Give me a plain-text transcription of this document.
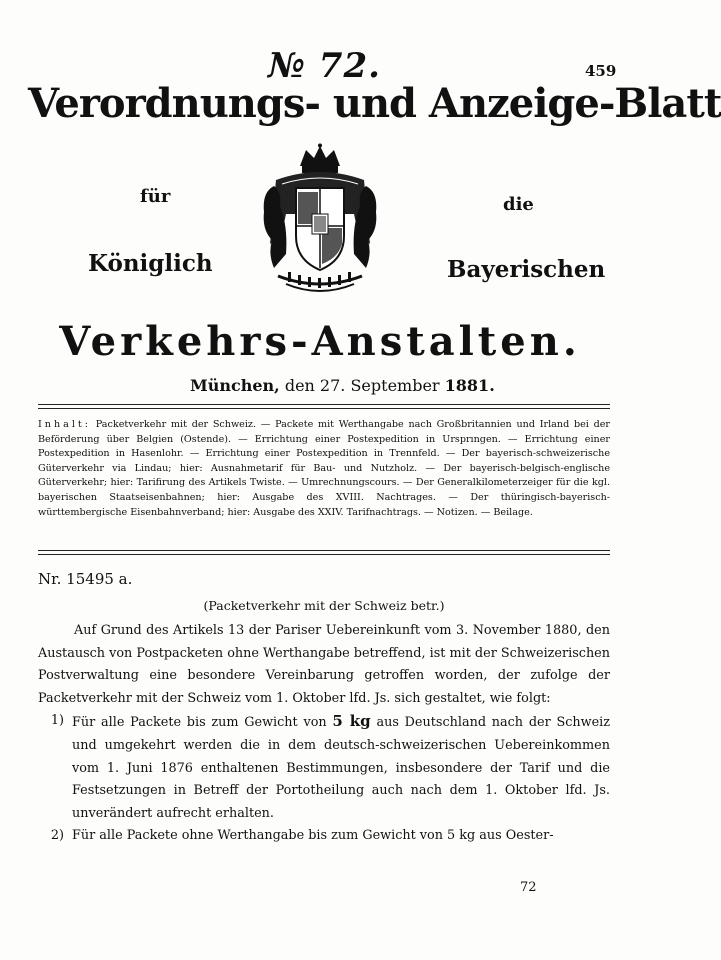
№ 72.	459
Verordnungs- und Anzeige-Blatt
für	die
Königlich	Bayerischen
Verkehrs-Anstalten.
München, den 27. September 1881.
Inhalt: Packetverkehr mit der Schweiz. — Packete mit Werthangabe nach Großbritannien und Irland bei der Beförderung über Belgien (Ostende). — Errichtung einer Postexpedition in Ursprıngen. — Errichtung einer Postexpedition in Hasenlohr. — Errichtung einer Postexpedition in Trennfeld. — Der bayerisch-schweizerische Güterverkehr via Lindau; hier: Ausnahmetarif für Bau- und Nutzholz. — Der bayerisch-belgisch-englische Güterverkehr; hier: Tarifirung des Artikels Twiste. — Umrechnungscours. — Der Generalkilometerzeiger für die kgl. bayerischen Staatseisenbahnen; hier: Ausgabe des XVIII. Nachtrages. — Der thüringisch-bayerisch-württembergische Eisenbahnverband; hier: Ausgabe des XXIV. Tarifnachtrags. — Notizen. — Beilage.
Nr. 15495 a.
(Packetverkehr mit der Schweiz betr.)

Auf Grund des Artikels 13 der Pariser Uebereinkunft vom 3. November 1880, den Austausch von Postpacketen ohne Werthangabe betreffend, ist mit der Schweizerischen Postverwaltung eine besondere Vereinbarung getroffen worden, der zufolge der Packetverkehr mit der Schweiz vom 1. Oktober lfd. Js. sich gestaltet, wie folgt:

1) Für alle Packete bis zum Gewicht von 5 kg aus Deutschland nach der Schweiz und umgekehrt werden die in dem deutsch-schweizerischen Uebereinkommen vom 1. Juni 1876 enthaltenen Bestimmungen, insbesondere der Tarif und die Festsetzungen in Betreff der Portotheilung auch nach dem 1. Oktober lfd. Js. unverändert aufrecht erhalten.
2) Für alle Packete ohne Werthangabe bis zum Gewicht von 5 kg aus Oester-
72
